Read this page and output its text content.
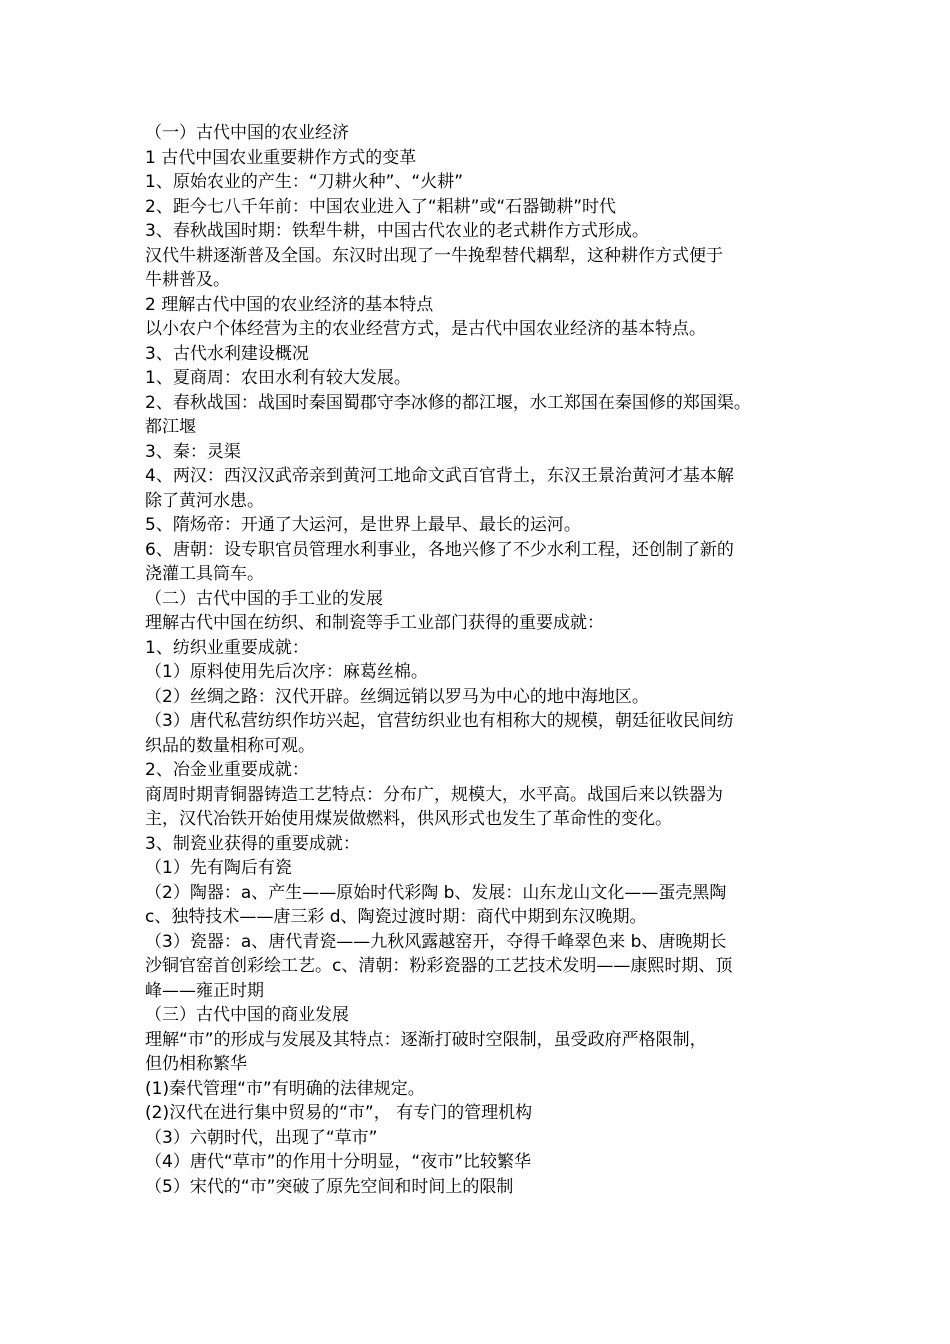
（一）古代中国的农业经济
1 古代中国农业重要耕作方式的变革
1、原始农业的产生：“刀耕火种”、“火耕”
2、距今七八千年前：中国农业进入了“耜耕”或“石器锄耕”时代
3、春秋战国时期：铁犁牛耕，中国古代农业的老式耕作方式形成。
汉代牛耕逐渐普及全国。东汉时出现了一牛挽犁替代耦犁，这种耕作方式便于
牛耕普及。
2 理解古代中国的农业经济的基本特点
以小农户个体经营为主的农业经营方式，是古代中国农业经济的基本特点。
3、古代水利建设概况
1、夏商周：农田水利有较大发展。
2、春秋战国：战国时秦国蜀郡守李冰修的都江堰，水工郑国在秦国修的郑国渠。
都江堰
3、秦：灵渠
4、两汉：西汉汉武帝亲到黄河工地命文武百官背土，东汉王景治黄河才基本解
除了黄河水患。
5、隋炀帝：开通了大运河，是世界上最早、最长的运河。
6、唐朝：设专职官员管理水利事业，各地兴修了不少水利工程，还创制了新的
浇灌工具筒车。
（二）古代中国的手工业的发展
理解古代中国在纺织、和制瓷等手工业部门获得的重要成就：
1、纺织业重要成就：
（1）原料使用先后次序：麻葛丝棉。
（2）丝绸之路：汉代开辟。丝绸远销以罗马为中心的地中海地区。
（3）唐代私营纺织作坊兴起，官营纺织业也有相称大的规模，朝廷征收民间纺
织品的数量相称可观。
2、冶金业重要成就：
商周时期青铜器铸造工艺特点：分布广，规模大，水平高。战国后来以铁器为
主，汉代冶铁开始使用煤炭做燃料，供风形式也发生了革命性的变化。
3、制瓷业获得的重要成就：
（1）先有陶后有瓷
（2）陶器：a、产生——原始时代彩陶 b、发展：山东龙山文化——蛋壳黑陶
c、独特技术——唐三彩 d、陶瓷过渡时期：商代中期到东汉晚期。
（3）瓷器：a、唐代青瓷——九秋风露越窑开，夺得千峰翠色来 b、唐晚期长
沙铜官窑首创彩绘工艺。c、清朝：粉彩瓷器的工艺技术发明——康熙时期、顶
峰——雍正时期
（三）古代中国的商业发展
理解“市”的形成与发展及其特点：逐渐打破时空限制，虽受政府严格限制，
但仍相称繁华
(1)秦代管理“市”有明确的法律规定。
(2)汉代在进行集中贸易的“市”， 有专门的管理机构
（3）六朝时代，出现了“草市”
（4）唐代“草市”的作用十分明显，“夜市”比较繁华
（5）宋代的“市”突破了原先空间和时间上的限制
